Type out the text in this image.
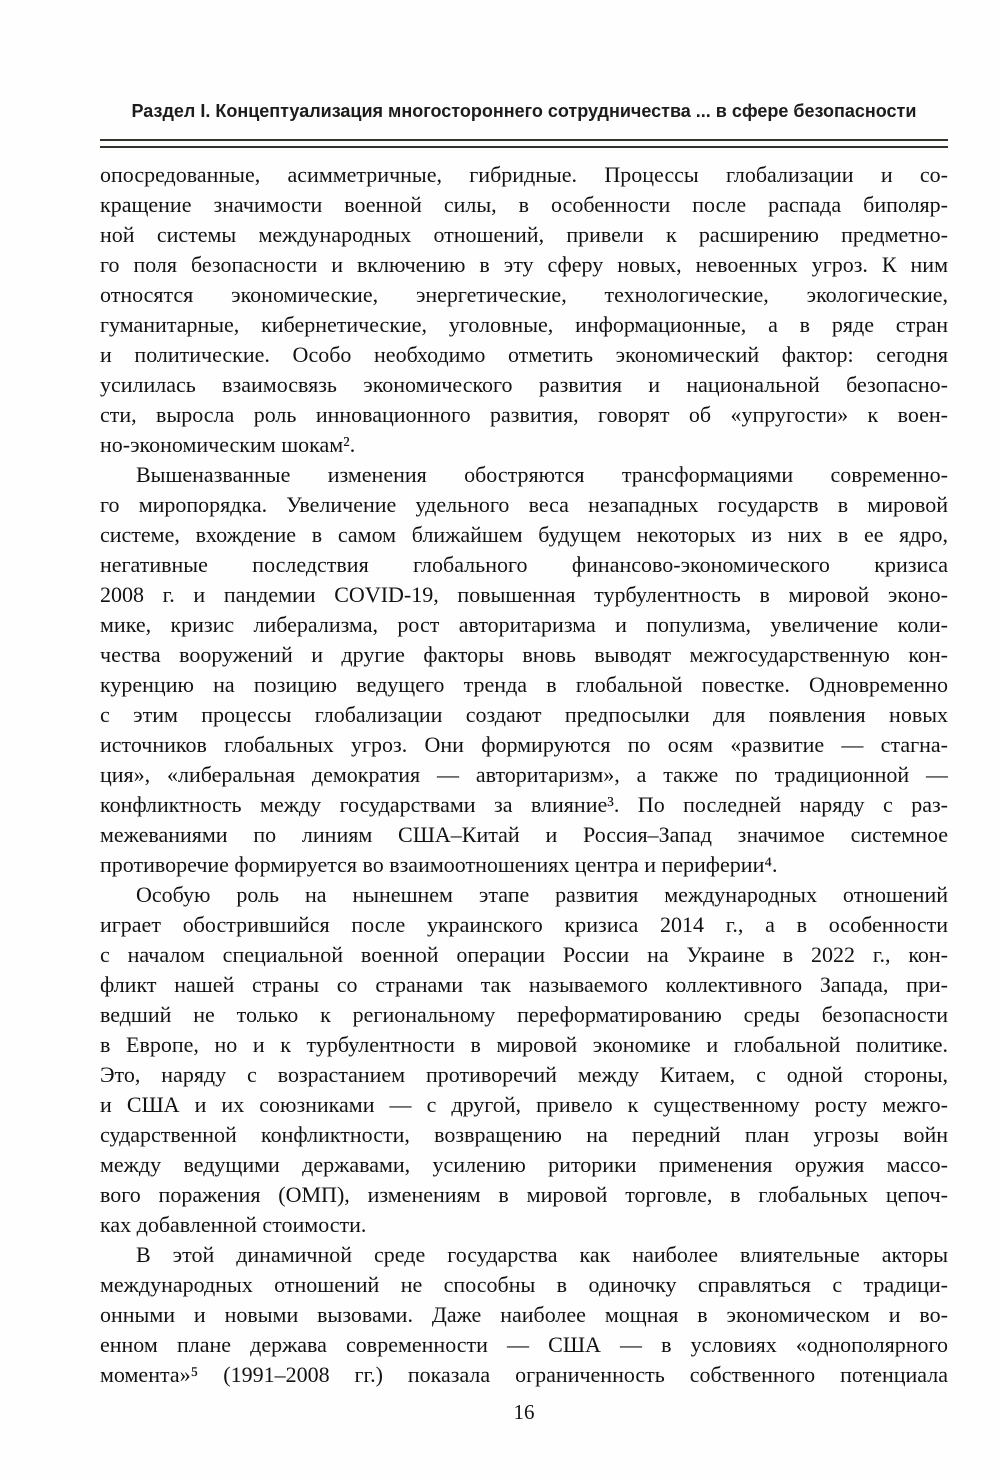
Раздел I. Концептуализация многостороннего сотрудничества ... в сфере безопасности

опосредованные, асимметричные, гибридные. Процессы глобализации и со-
кращение значимости военной силы, в особенности после распада биполяр-
ной системы международных отношений, привели к расширению предметно-
го поля безопасности и включению в эту сферу новых, невоенных угроз. К ним
относятся экономические, энергетические, технологические, экологические,
гуманитарные, кибернетические, уголовные, информационные, а в ряде стран
и политические. Особо необходимо отметить экономический фактор: сегодня
усилилась взаимосвязь экономического развития и национальной безопасно-
сти, выросла роль инновационного развития, говорят об «упругости» к воен-
но-экономическим шокам².

Вышеназванные изменения обостряются трансформациями современно-
го миропорядка. Увеличение удельного веса незападных государств в мировой
системе, вхождение в самом ближайшем будущем некоторых из них в ее ядро,
негативные последствия глобального финансово-экономического кризиса
2008 г. и пандемии COVID-19, повышенная турбулентность в мировой эконо-
мике, кризис либерализма, рост авторитаризма и популизма, увеличение коли-
чества вооружений и другие факторы вновь выводят межгосударственную кон-
куренцию на позицию ведущего тренда в глобальной повестке. Одновременно
с этим процессы глобализации создают предпосылки для появления новых
источников глобальных угроз. Они формируются по осям «развитие — стагна-
ция», «либеральная демократия — авторитаризм», а также по традиционной —
конфликтность между государствами за влияние³. По последней наряду с раз-
межеваниями по линиям США–Китай и Россия–Запад значимое системное
противоречие формируется во взаимоотношениях центра и периферии⁴.

Особую роль на нынешнем этапе развития международных отношений
играет обострившийся после украинского кризиса 2014 г., а в особенности
с началом специальной военной операции России на Украине в 2022 г., кон-
фликт нашей страны со странами так называемого коллективного Запада, при-
ведший не только к региональному переформатированию среды безопасности
в Европе, но и к турбулентности в мировой экономике и глобальной политике.
Это, наряду с возрастанием противоречий между Китаем, с одной стороны,
и США и их союзниками — с другой, привело к существенному росту межго-
сударственной конфликтности, возвращению на передний план угрозы войн
между ведущими державами, усилению риторики применения оружия массо-
вого поражения (ОМП), изменениям в мировой торговле, в глобальных цепоч-
ках добавленной стоимости.

В этой динамичной среде государства как наиболее влиятельные акторы
международных отношений не способны в одиночку справляться с традици-
онными и новыми вызовами. Даже наиболее мощная в экономическом и во-
енном плане держава современности — США — в условиях «однополярного
момента»⁵ (1991–2008 гг.) показала ограниченность собственного потенциала

16
